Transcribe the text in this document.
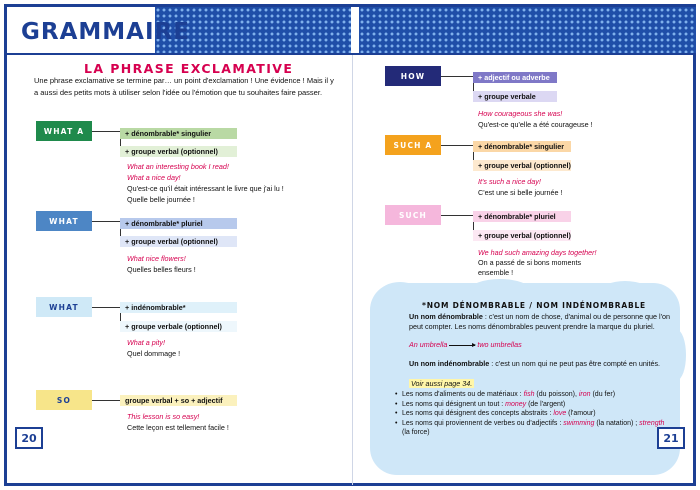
GRAMMAIRE
LA PHRASE EXCLAMATIVE
Une phrase exclamative se termine par… un point d'exclamation ! Une évidence ! Mais il y a aussi des petits mots à utiliser selon l'idée ou l'émotion que tu souhaites faire passer.
WHAT A	+ dénombrable* singulier
+ groupe verbal (optionnel)
What an interesting book I read!
What a nice day!
Qu'est-ce qu'il était intéressant le livre que j'ai lu !
Quelle belle journée !
WHAT	+ dénombrable* pluriel
+ groupe verbal (optionnel)
What nice flowers!
Quelles belles fleurs !
WHAT	+ indénombrable*
+ groupe verbale (optionnel)
What a pity!
Quel dommage !
SO	groupe verbal + so + adjectif
This lesson is so easy!
Cette leçon est tellement facile !
HOW	+ adjectif ou adverbe
+ groupe verbale
How courageous she was!
Qu'est-ce qu'elle a été courageuse !
SUCH A	+ dénombrable* singulier
+ groupe verbal (optionnel)
It's such a nice day!
C'est une si belle journée !
SUCH	+ dénombrable* pluriel
+ groupe verbal (optionnel)
We had such amazing days together!
On a passé de si bons moments
ensemble !
*NOM DÉNOMBRABLE / NOM INDÉNOMBRABLE
Un nom dénombrable : c'est un nom de chose, d'animal ou de personne que l'on peut compter. Les noms dénombrables peuvent prendre la marque du pluriel.
An umbrella	two umbrellas
Un nom indénombrable : c'est un nom qui ne peut pas être compté en unités.
Voir aussi page 34.
• Les noms d'aliments ou de matériaux : fish (du poisson), iron (du fer)
• Les noms qui désignent un tout : money (de l'argent)
• Les noms qui désignent des concepts abstraits : love (l'amour)
• Les noms qui proviennent de verbes ou d'adjectifs : swimming (la natation) ; strength (la force)
20	21
